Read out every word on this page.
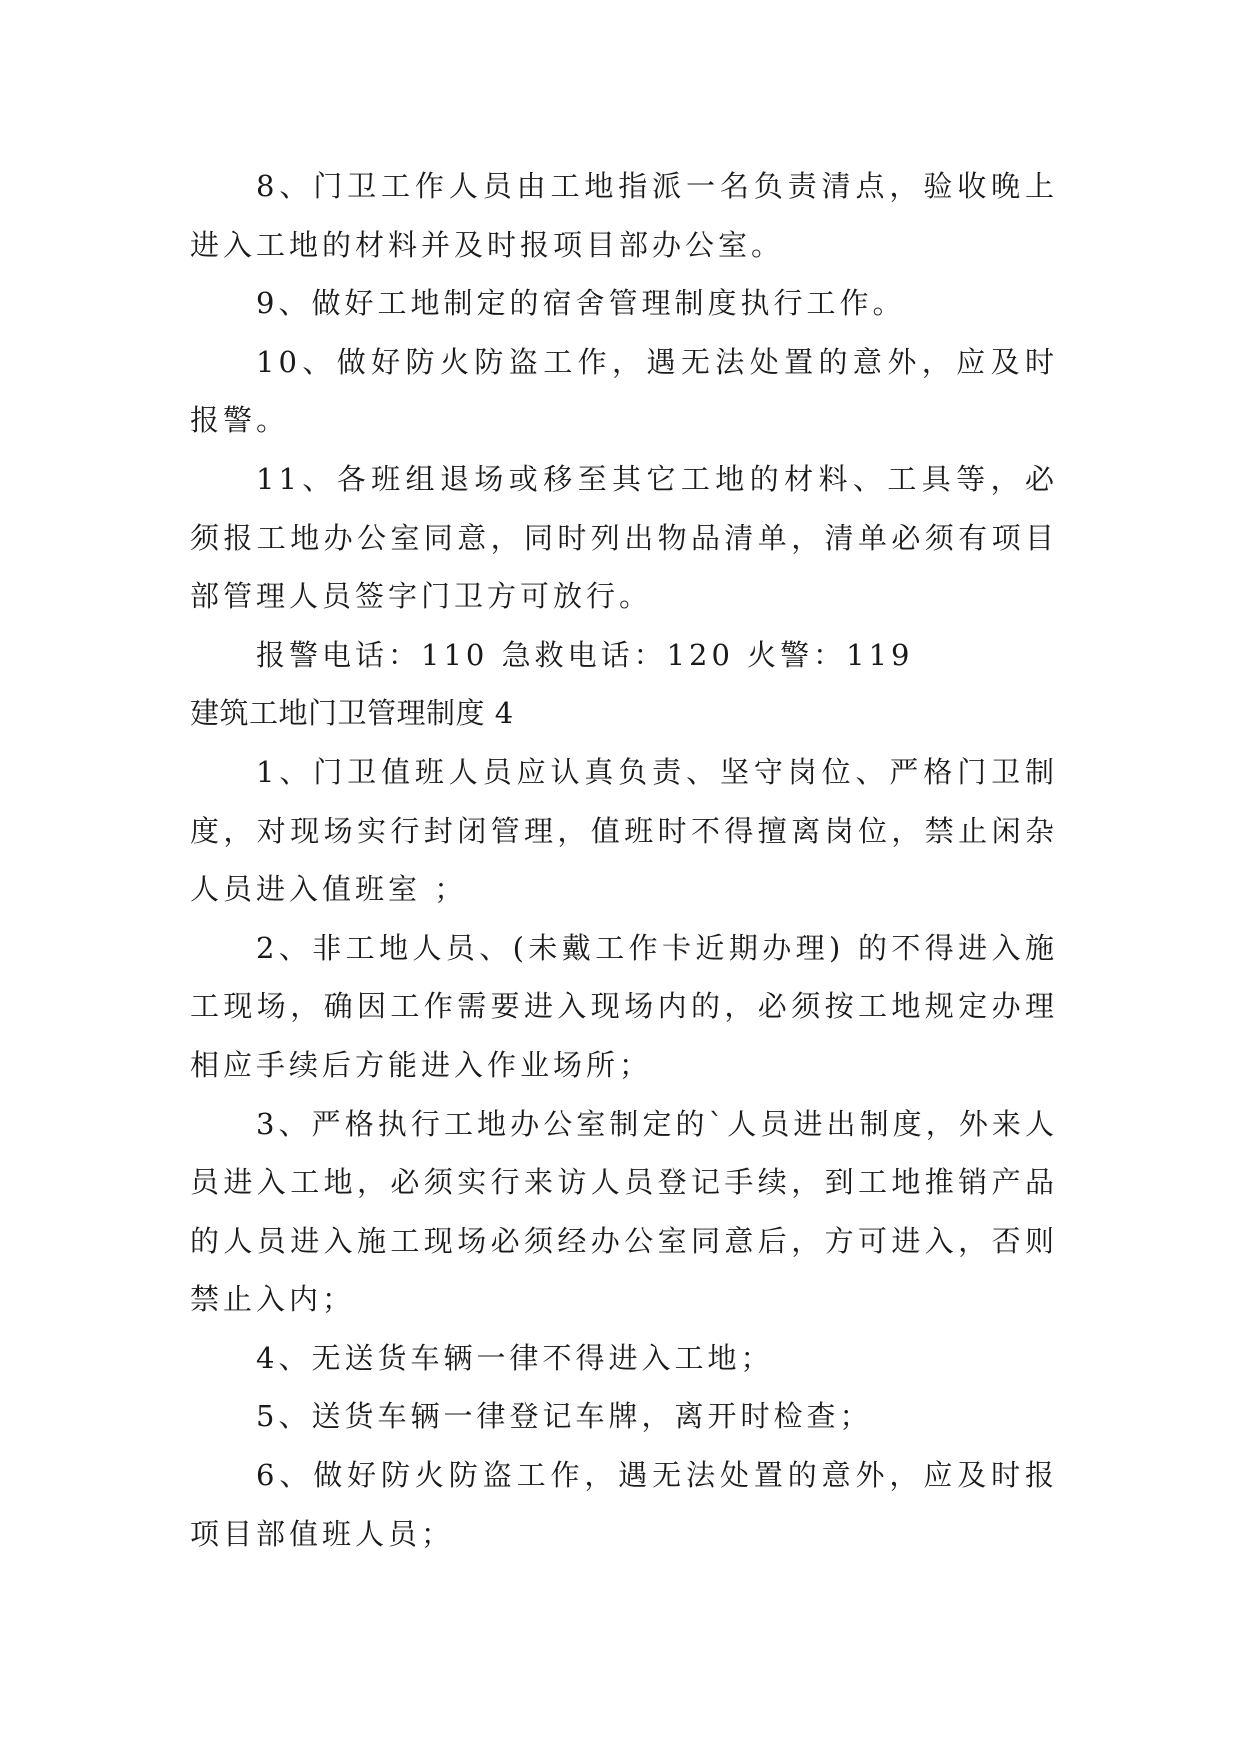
8、门卫工作人员由工地指派一名负责清点，验收晚上进入工地的材料并及时报项目部办公室。

9、做好工地制定的宿舍管理制度执行工作。

10、做好防火防盗工作，遇无法处置的意外，应及时报警。

11、各班组退场或移至其它工地的材料、工具等，必须报工地办公室同意，同时列出物品清单，清单必须有项目部管理人员签字门卫方可放行。

报警电话：110 急救电话：120 火警：119

建筑工地门卫管理制度 4

1、门卫值班人员应认真负责、坚守岗位、严格门卫制度，对现场实行封闭管理，值班时不得擅离岗位，禁止闲杂人员进入值班室 ；

2、非工地人员、(未戴工作卡近期办理) 的不得进入施工现场，确因工作需要进入现场内的，必须按工地规定办理相应手续后方能进入作业场所；

3、严格执行工地办公室制定的`人员进出制度，外来人员进入工地，必须实行来访人员登记手续，到工地推销产品的人员进入施工现场必须经办公室同意后，方可进入，否则禁止入内；

4、无送货车辆一律不得进入工地；

5、送货车辆一律登记车牌，离开时检查；

6、做好防火防盗工作，遇无法处置的意外，应及时报项目部值班人员；
